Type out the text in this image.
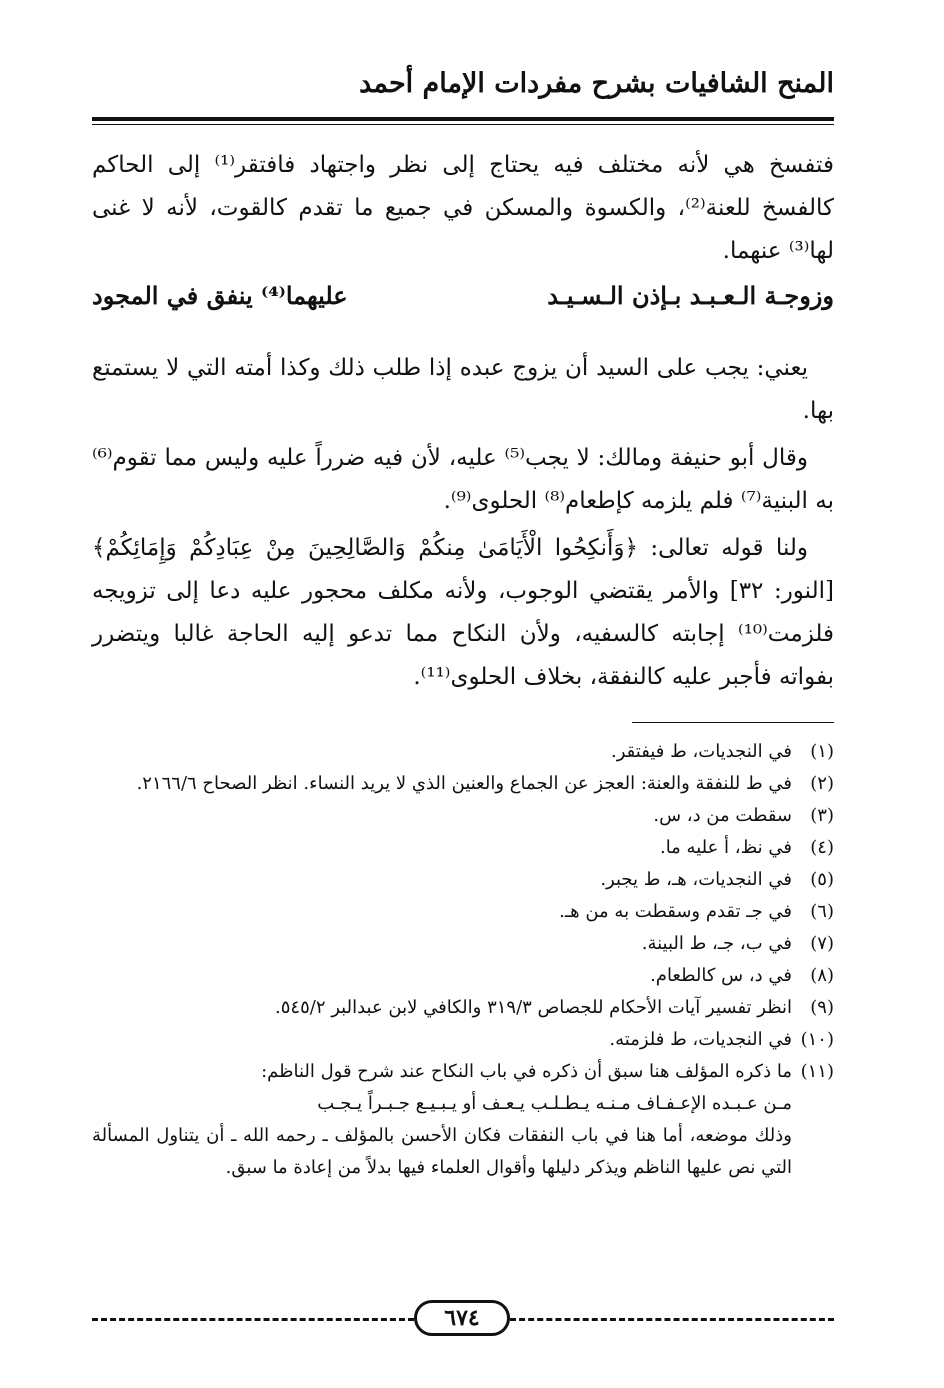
المنح الشافيات بشرح مفردات الإمام أحمد

فتفسخ هي لأنه مختلف فيه يحتاج إلى نظر واجتهاد فافتقر⁽¹⁾ إلى الحاكم كالفسخ للعنة⁽²⁾، والكسوة والمسكن في جميع ما تقدم كالقوت، لأنه لا غنى لها⁽³⁾ عنهما.

وزوجـة الـعـبـد بـإذن الـسـيـد
عليهما⁽⁴⁾ ينفق في المجود

يعني: يجب على السيد أن يزوج عبده إذا طلب ذلك وكذا أمته التي لا يستمتع بها.

وقال أبو حنيفة ومالك: لا يجب⁽⁵⁾ عليه، لأن فيه ضرراً عليه وليس مما تقوم⁽⁶⁾ به البنية⁽⁷⁾ فلم يلزمه كإطعام⁽⁸⁾ الحلوى⁽⁹⁾.

ولنا قوله تعالى: ﴿وَأَنكِحُوا الْأَيَامَىٰ مِنكُمْ وَالصَّالِحِينَ مِنْ عِبَادِكُمْ وَإِمَائِكُمْ﴾ [النور: ٣٢] والأمر يقتضي الوجوب، ولأنه مكلف محجور عليه دعا إلى تزويجه فلزمت⁽¹⁰⁾ إجابته كالسفيه، ولأن النكاح مما تدعو إليه الحاجة غالبا ويتضرر بفواته فأجبر عليه كالنفقة، بخلاف الحلوى⁽¹¹⁾.

(١)
في النجديات، ط فيفتقر.
(٢)
في ط للنفقة والعنة: العجز عن الجماع والعنين الذي لا يريد النساء. انظر الصحاح ٢١٦٦/٦.
(٣)
سقطت من د، س.
(٤)
في نظ، أ عليه ما.
(٥)
في النجديات، هـ، ط يجبر.
(٦)
في جـ تقدم وسقطت به من هـ.
(٧)
في ب، جـ، ط البينة.
(٨)
في د، س كالطعام.
(٩)
انظر تفسير آيات الأحكام للجصاص ٣١٩/٣ والكافي لابن عبدالبر ٥٤٥/٢.
(١٠)
في النجديات، ط فلزمته.
(١١)
ما ذكره المؤلف هنا سبق أن ذكره في باب النكاح عند شرح قول الناظم:
مـن عـبـده الإعـفـاف مـنـه يـطـلـب يـعـف أو يـبـيـع جـبـراً يـجـب
وذلك موضعه، أما هنا في باب النفقات فكان الأحسن بالمؤلف ـ رحمه الله ـ أن يتناول المسألة التي نص عليها الناظم ويذكر دليلها وأقوال العلماء فيها بدلاً من إعادة ما سبق.
٦٧٤
